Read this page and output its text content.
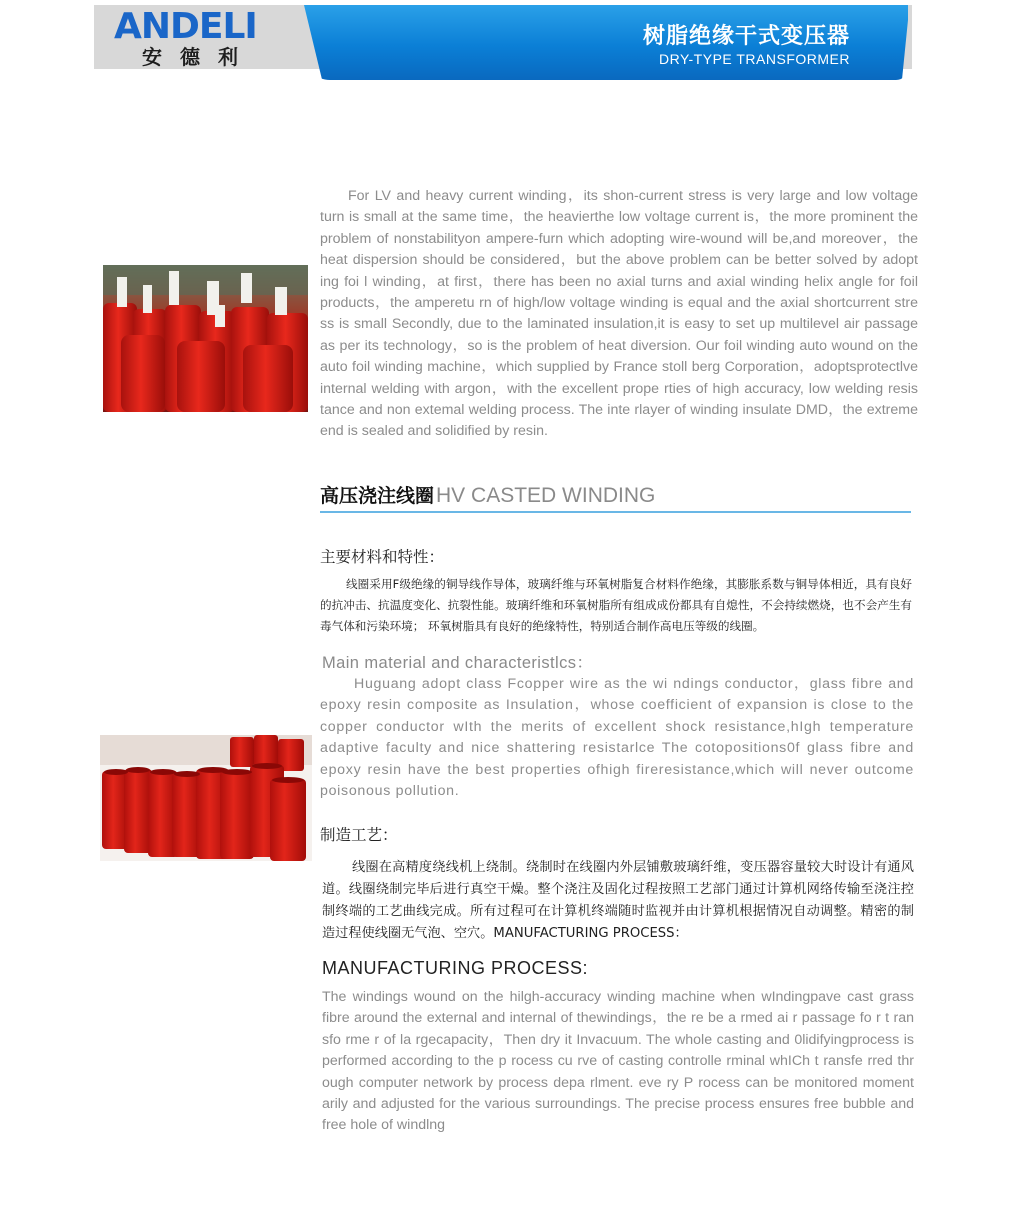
ANDELI
安德利
树脂绝缘干式变压器
DRY-TYPE TRANSFORMER

For LV and heavy current winding，its shon-current stress is very large and low voltage turn is small at the same time，the heavierthe low voltage current is，the more prominent the problem of nonstabilityon ampere-furn which adopting wire-wound will be,and moreover，the heat dispersion should be considered，but the above problem can be better solved by adopt ing foi l winding，at first，there has been no axial turns and axial winding helix angle for foil products，the amperetu rn of high/low voltage winding is equal and the axial shortcurrent stre ss is small Secondly, due to the laminated insulation,it is easy to set up multilevel air passage as per its technology，so is the problem of heat diversion. Our foil winding auto wound on the auto foil winding machine，which supplied by France stoll berg Corporation，adoptsprotectlve internal welding with argon，with the excellent prope rties of high accuracy, low welding resis tance and non extemal welding process. The inte rlayer of winding insulate DMD，the extreme end is sealed and solidified by resin.

高压浇注线圈HV CASTED WINDING

主要材料和特性：

线圈采用F级绝缘的铜导线作导体，玻璃纤维与环氧树脂复合材料作绝缘，其膨胀系数与铜导体相近，具有良好的抗冲击、抗温度变化、抗裂性能。玻璃纤维和环氧树脂所有组成成份都具有自熄性，不会持续燃烧，也不会产生有毒气体和污染环境； 环氧树脂具有良好的绝缘特性，特别适合制作高电压等级的线圈。

Main material and characteristlcs：

Huguang adopt class Fcopper wire as the wi ndings conductor，glass fibre and epoxy resin composite as Insulation，whose coefficient of expansion is close to the copper conductor wIth the merits of excellent shock resistance,hIgh temperature adaptive faculty and nice shattering resistarlce The cotopositions0f glass fibre and epoxy resin have the best properties ofhigh fireresistance,which will never outcome poisonous pollution.

制造工艺：

线圈在高精度绕线机上绕制。绕制时在线圈内外层铺敷玻璃纤维，变压器容量较大时设计有通风道。线圈绕制完毕后进行真空干燥。整个浇注及固化过程按照工艺部门通过计算机网络传输至浇注控制终端的工艺曲线完成。所有过程可在计算机终端随时监视并由计算机根据情况自动调整。精密的制造过程使线圈无气泡、空穴。MANUFACTURING PROCESS：

MANUFACTURING PROCESS:

The windings wound on the hilgh-accuracy winding machine when wIndingpave cast grass fibre around the external and internal of thewindings，the re be a rmed ai r passage fo r t ran sfo rme r of la rgecapacity，Then dry it Invacuum. The whole casting and 0lidifyingprocess is performed according to the p rocess cu rve of casting controlle rminal whICh t ransfe rred thr ough computer network by process depa rlment. eve ry P rocess can be monitored moment arily and adjusted for the various surroundings. The precise process ensures free bubble and free hole of windlng
